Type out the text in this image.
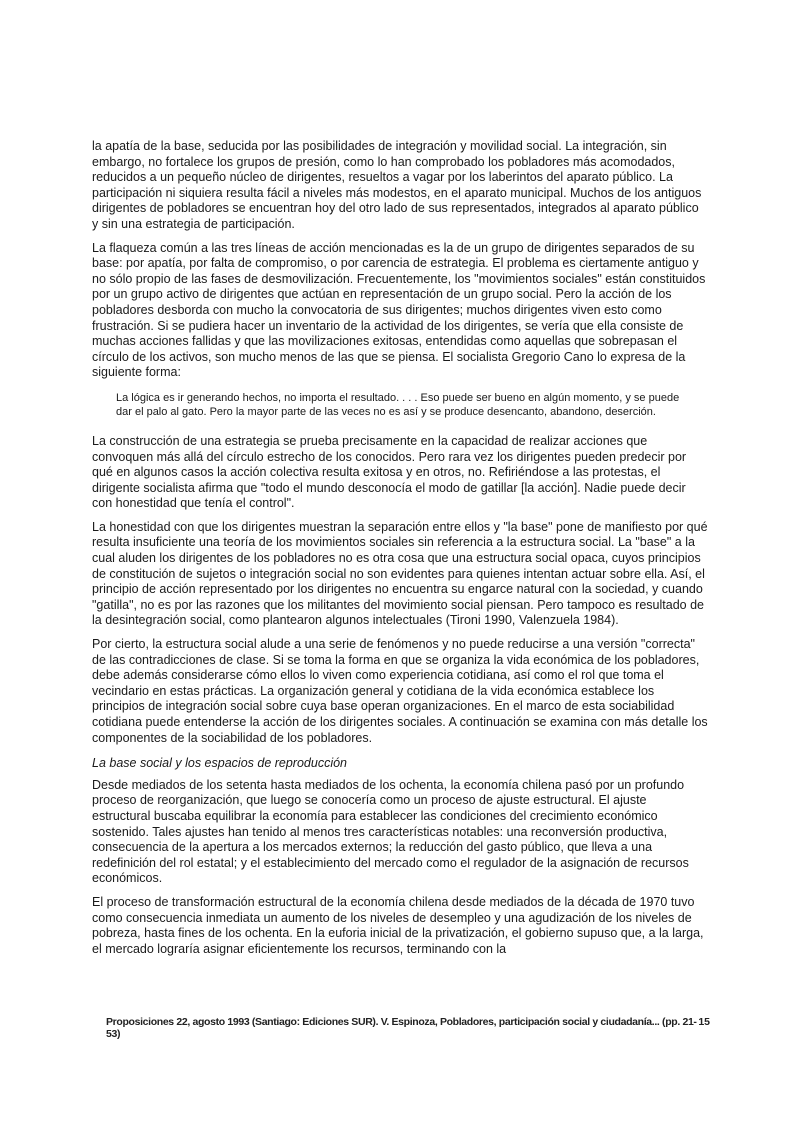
la apatía de la base, seducida por las posibilidades de integración y movilidad social. La integración, sin embargo, no fortalece los grupos de presión, como lo han comprobado los pobladores más acomodados, reducidos a un pequeño núcleo de dirigentes, resueltos a vagar por los laberintos del aparato público. La participación ni siquiera resulta fácil a niveles más modestos, en el aparato municipal. Muchos de los antiguos dirigentes de pobladores se encuentran hoy del otro lado de sus representados, integrados al aparato público y sin una estrategia de participación.

La flaqueza común a las tres líneas de acción mencionadas es la de un grupo de dirigentes separados de su base: por apatía, por falta de compromiso, o por carencia de estrategia. El problema es ciertamente antiguo y no sólo propio de las fases de desmovilización. Frecuentemente, los "movimientos sociales" están constituidos por un grupo activo de dirigentes que actúan en representación de un grupo social. Pero la acción de los pobladores desborda con mucho la convocatoria de sus dirigentes; muchos dirigentes viven esto como frustración. Si se pudiera hacer un inventario de la actividad de los dirigentes, se vería que ella consiste de muchas acciones fallidas y que las movilizaciones exitosas, entendidas como aquellas que sobrepasan el círculo de los activos, son mucho menos de las que se piensa. El socialista Gregorio Cano lo expresa de la siguiente forma:

La lógica es ir generando hechos, no importa el resultado. . . . Eso puede ser bueno en algún momento, y se puede dar el palo al gato. Pero la mayor parte de las veces no es así y se produce desencanto, abandono, deserción.

La construcción de una estrategia se prueba precisamente en la capacidad de realizar acciones que convoquen más allá del círculo estrecho de los conocidos. Pero rara vez los dirigentes pueden predecir por qué en algunos casos la acción colectiva resulta exitosa y en otros, no. Refiriéndose a las protestas, el dirigente socialista afirma que "todo el mundo desconocía el modo de gatillar [la acción]. Nadie puede decir con honestidad que tenía el control".

La honestidad con que los dirigentes muestran la separación entre ellos y "la base" pone de manifiesto por qué resulta insuficiente una teoría de los movimientos sociales sin referencia a la estructura social. La "base" a la cual aluden los dirigentes de los pobladores no es otra cosa que una estructura social opaca, cuyos principios de constitución de sujetos o integración social no son evidentes para quienes intentan actuar sobre ella. Así, el principio de acción representado por los dirigentes no encuentra su engarce natural con la sociedad, y cuando "gatilla", no es por las razones que los militantes del movimiento social piensan. Pero tampoco es resultado de la desintegración social, como plantearon algunos intelectuales (Tironi 1990, Valenzuela 1984).

Por cierto, la estructura social alude a una serie de fenómenos y no puede reducirse a una versión "correcta" de las contradicciones de clase. Si se toma la forma en que se organiza la vida económica de los pobladores, debe además considerarse cómo ellos lo viven como experiencia cotidiana, así como el rol que toma el vecindario en estas prácticas. La organización general y cotidiana de la vida económica establece los principios de integración social sobre cuya base operan organizaciones. En el marco de esta sociabilidad cotidiana puede entenderse la acción de los dirigentes sociales. A continuación se examina con más detalle los componentes de la sociabilidad de los pobladores.

La base social y los espacios de reproducción

Desde mediados de los setenta hasta mediados de los ochenta, la economía chilena pasó por un profundo proceso de reorganización, que luego se conocería como un proceso de ajuste estructural. El ajuste estructural buscaba equilibrar la economía para establecer las condiciones del crecimiento económico sostenido. Tales ajustes han tenido al menos tres características notables: una reconversión productiva, consecuencia de la apertura a los mercados externos; la reducción del gasto público, que lleva a una redefinición del rol estatal; y el establecimiento del mercado como el regulador de la asignación de recursos económicos.

El proceso de transformación estructural de la economía chilena desde mediados de la década de 1970 tuvo como consecuencia inmediata un aumento de los niveles de desempleo y una agudización de los niveles de pobreza, hasta fines de los ochenta. En la euforia inicial de la privatización, el gobierno supuso que, a la larga, el mercado lograría asignar eficientemente los recursos, terminando con la

Proposiciones 22, agosto 1993 (Santiago: Ediciones SUR). V. Espinoza, Pobladores, participación social y ciudadanía... (pp. 21-53)
15
